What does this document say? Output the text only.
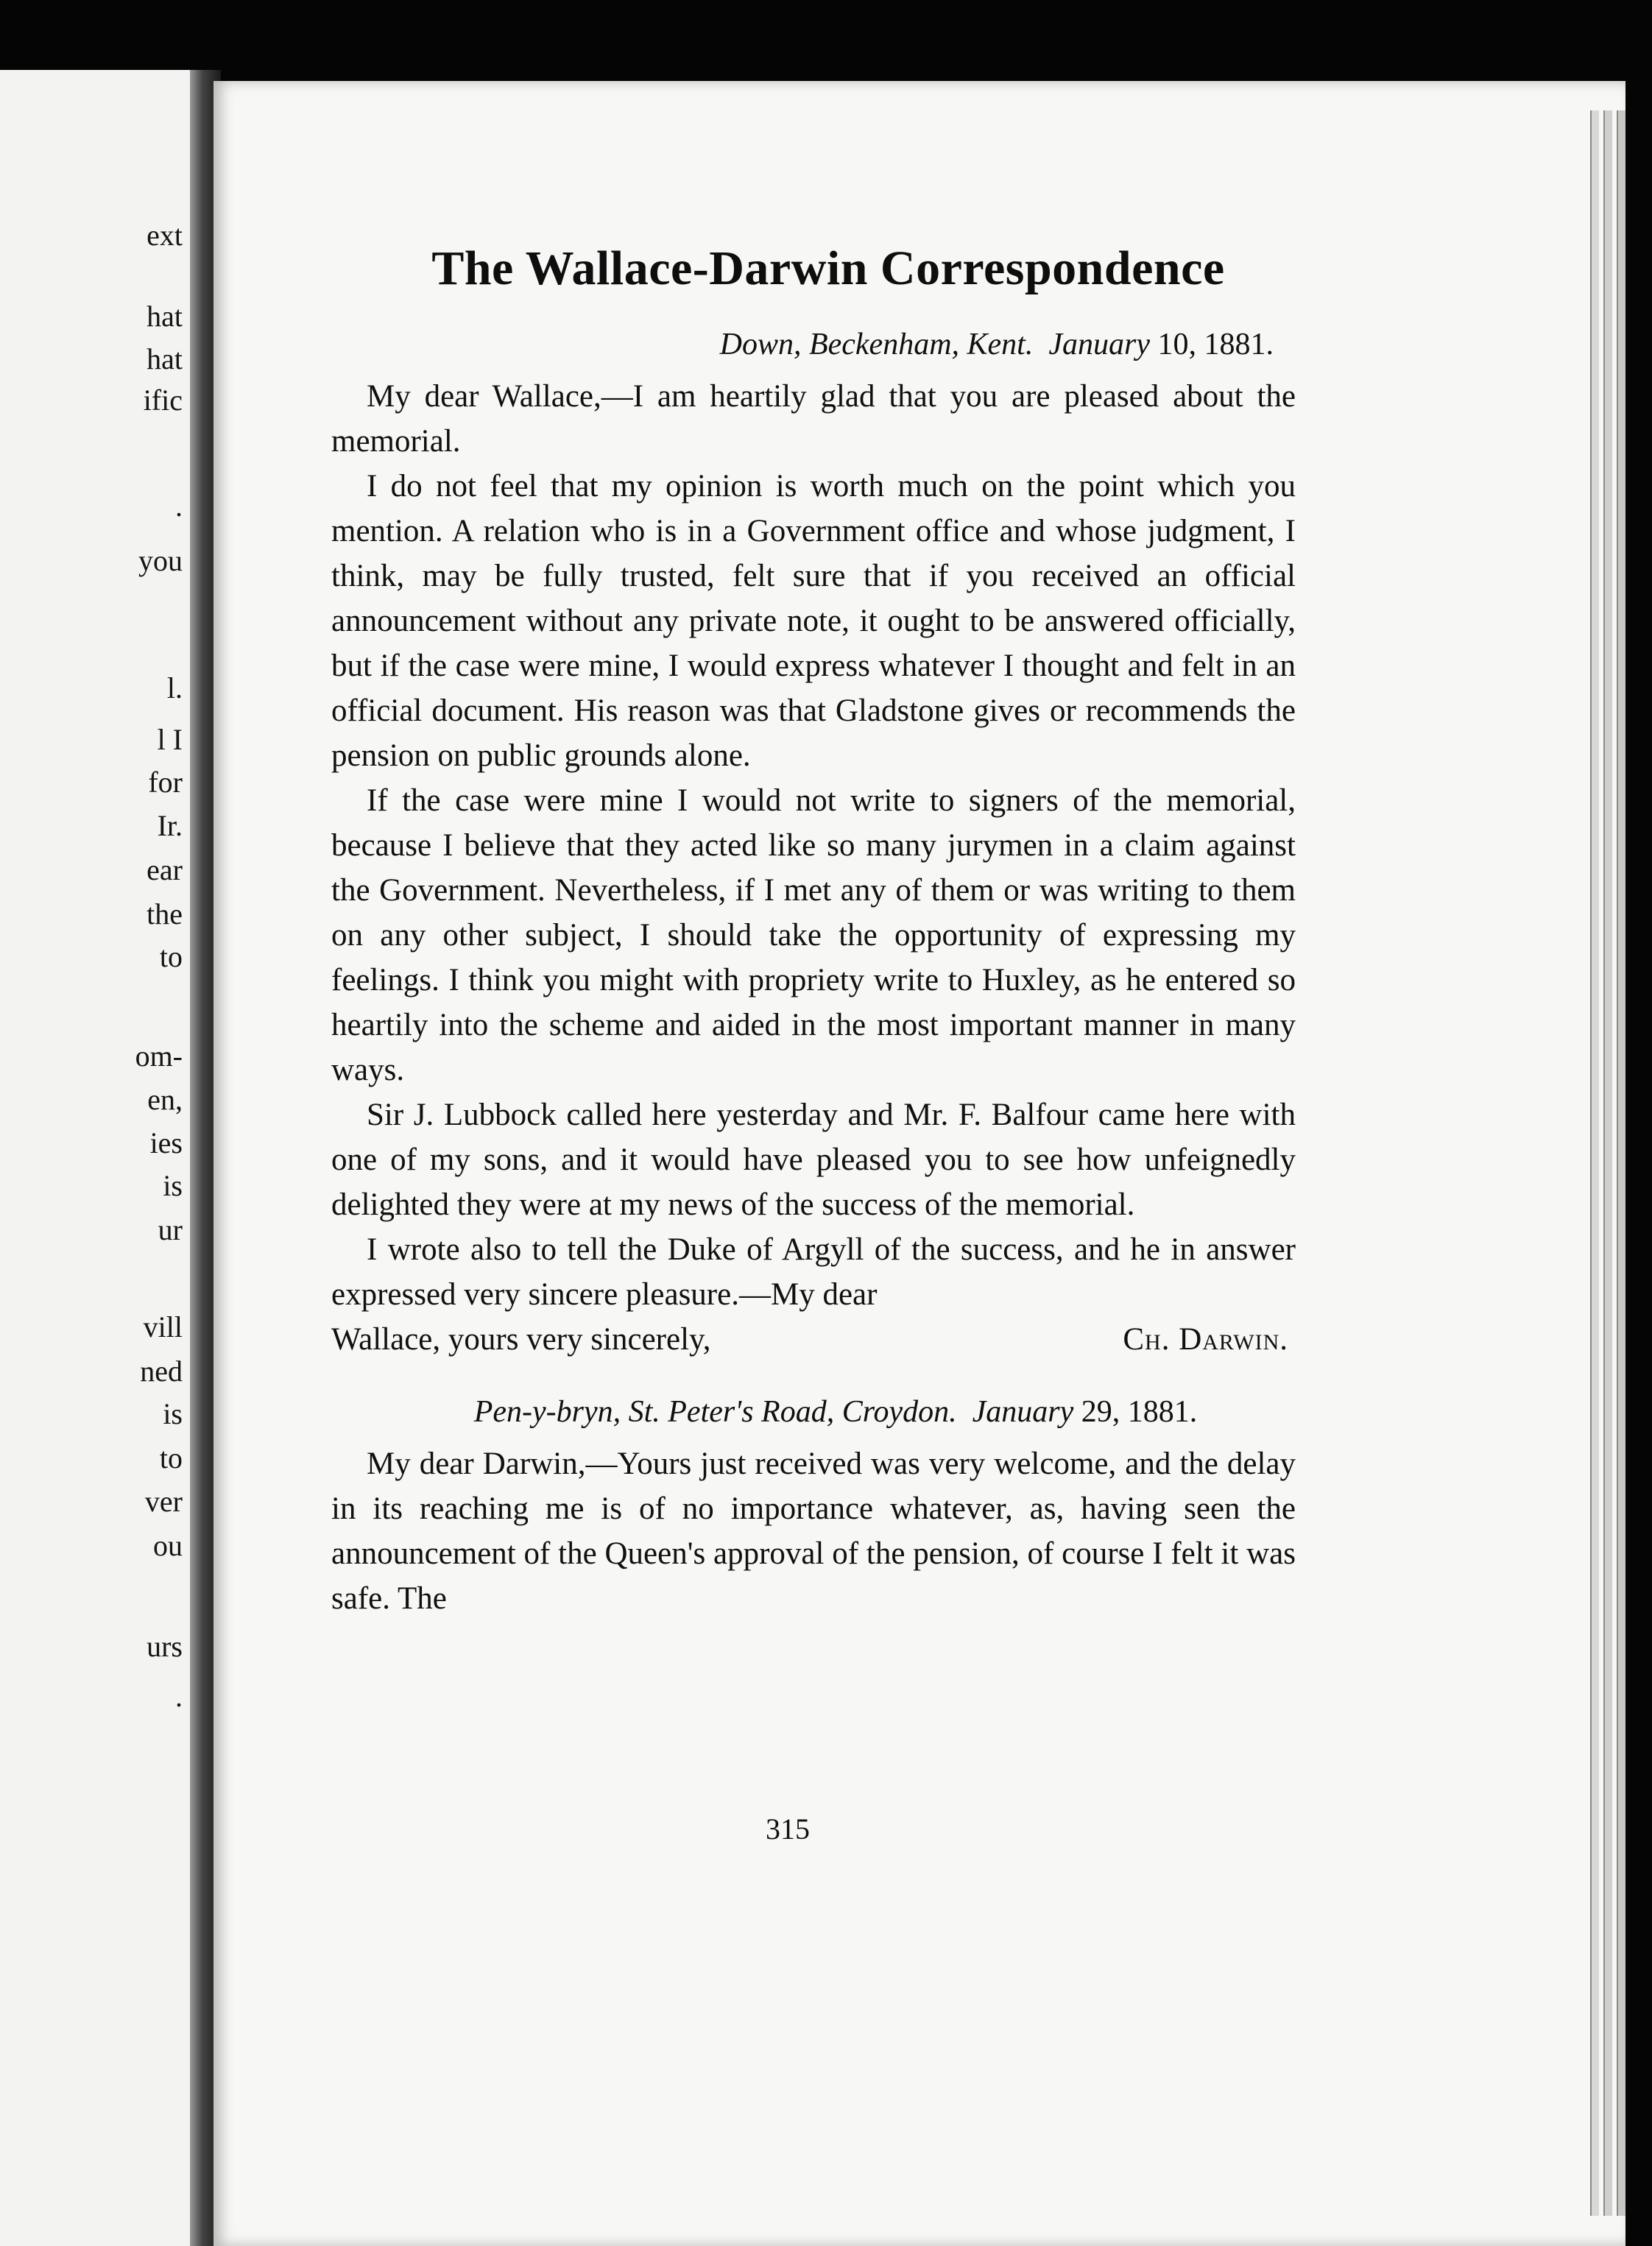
ext
hat
hat
ific
.
you
l.
l I
for
Ir.
ear
the
to
om-
en,
ies
is
ur
vill
ned
is
to
ver
ou
urs
.
The Wallace-Darwin Correspondence
Down, Beckenham, Kent. January 10, 1881.

My dear Wallace,—I am heartily glad that you are pleased about the memorial.

I do not feel that my opinion is worth much on the point which you mention. A relation who is in a Government office and whose judgment, I think, may be fully trusted, felt sure that if you received an official announcement without any private note, it ought to be answered officially, but if the case were mine, I would express whatever I thought and felt in an official document. His reason was that Gladstone gives or recommends the pension on public grounds alone.

If the case were mine I would not write to signers of the memorial, because I believe that they acted like so many jurymen in a claim against the Government. Nevertheless, if I met any of them or was writing to them on any other subject, I should take the opportunity of expressing my feelings. I think you might with propriety write to Huxley, as he entered so heartily into the scheme and aided in the most important manner in many ways.

Sir J. Lubbock called here yesterday and Mr. F. Balfour came here with one of my sons, and it would have pleased you to see how unfeignedly delighted they were at my news of the success of the memorial.

I wrote also to tell the Duke of Argyll of the success, and he in answer expressed very sincere pleasure.—My dear

Wallace, yours very sincerely,	Ch. Darwin.
Pen-y-bryn, St. Peter's Road, Croydon. January 29, 1881.

My dear Darwin,—Yours just received was very welcome, and the delay in its reaching me is of no importance whatever, as, having seen the announcement of the Queen's approval of the pension, of course I felt it was safe. The

315
